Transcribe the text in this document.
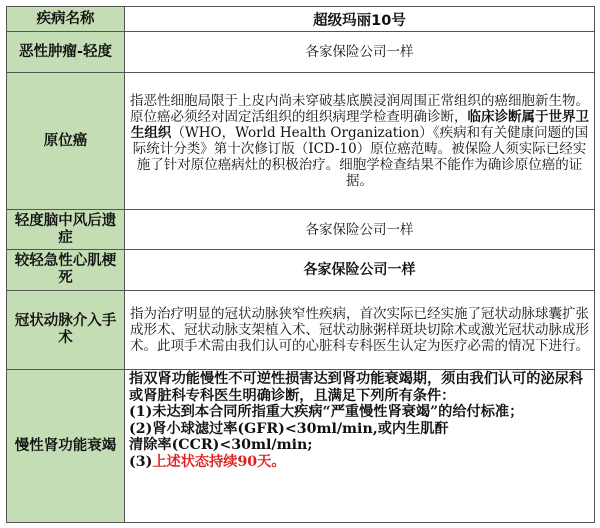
疾病名称	超级玛丽10号
恶性肿瘤-轻度	各家保险公司一样
原位癌	指恶性细胞局限于上皮内尚未穿破基底膜浸润周围正常组织的癌细胞新生物。原位癌必须经对固定活组织的组织病理学检查明确诊断，临床诊断属于世界卫生组织（WHO，World Health Organization）《疾病和有关健康问题的国际统计分类》第十次修订版（ICD-10）原位癌范畴。被保险人须实际已经实施了针对原位癌病灶的积极治疗。细胞学检查结果不能作为确诊原位癌的证据。
轻度脑中风后遗症	各家保险公司一样
较轻急性心肌梗死	各家保险公司一样
冠状动脉介入手术	指为治疗明显的冠状动脉狭窄性疾病，首次实际已经实施了冠状动脉球囊扩张成形术、冠状动脉支架植入术、冠状动脉粥样斑块切除术或激光冠状动脉成形术。此项手术需由我们认可的心脏科专科医生认定为医疗必需的情况下进行。
慢性肾功能衰竭	指双肾功能慢性不可逆性损害达到肾功能衰竭期，须由我们认可的泌尿科或肾脏科专科医生明确诊断，且满足下列所有条件：

(1)未达到本合同所指重大疾病“严重慢性肾衰竭”的给付标准；

(2)肾小球滤过率(GFR)<30ml/min,或内生肌酐

清除率(CCR)<30ml/min;

(3)上述状态持续90天。
